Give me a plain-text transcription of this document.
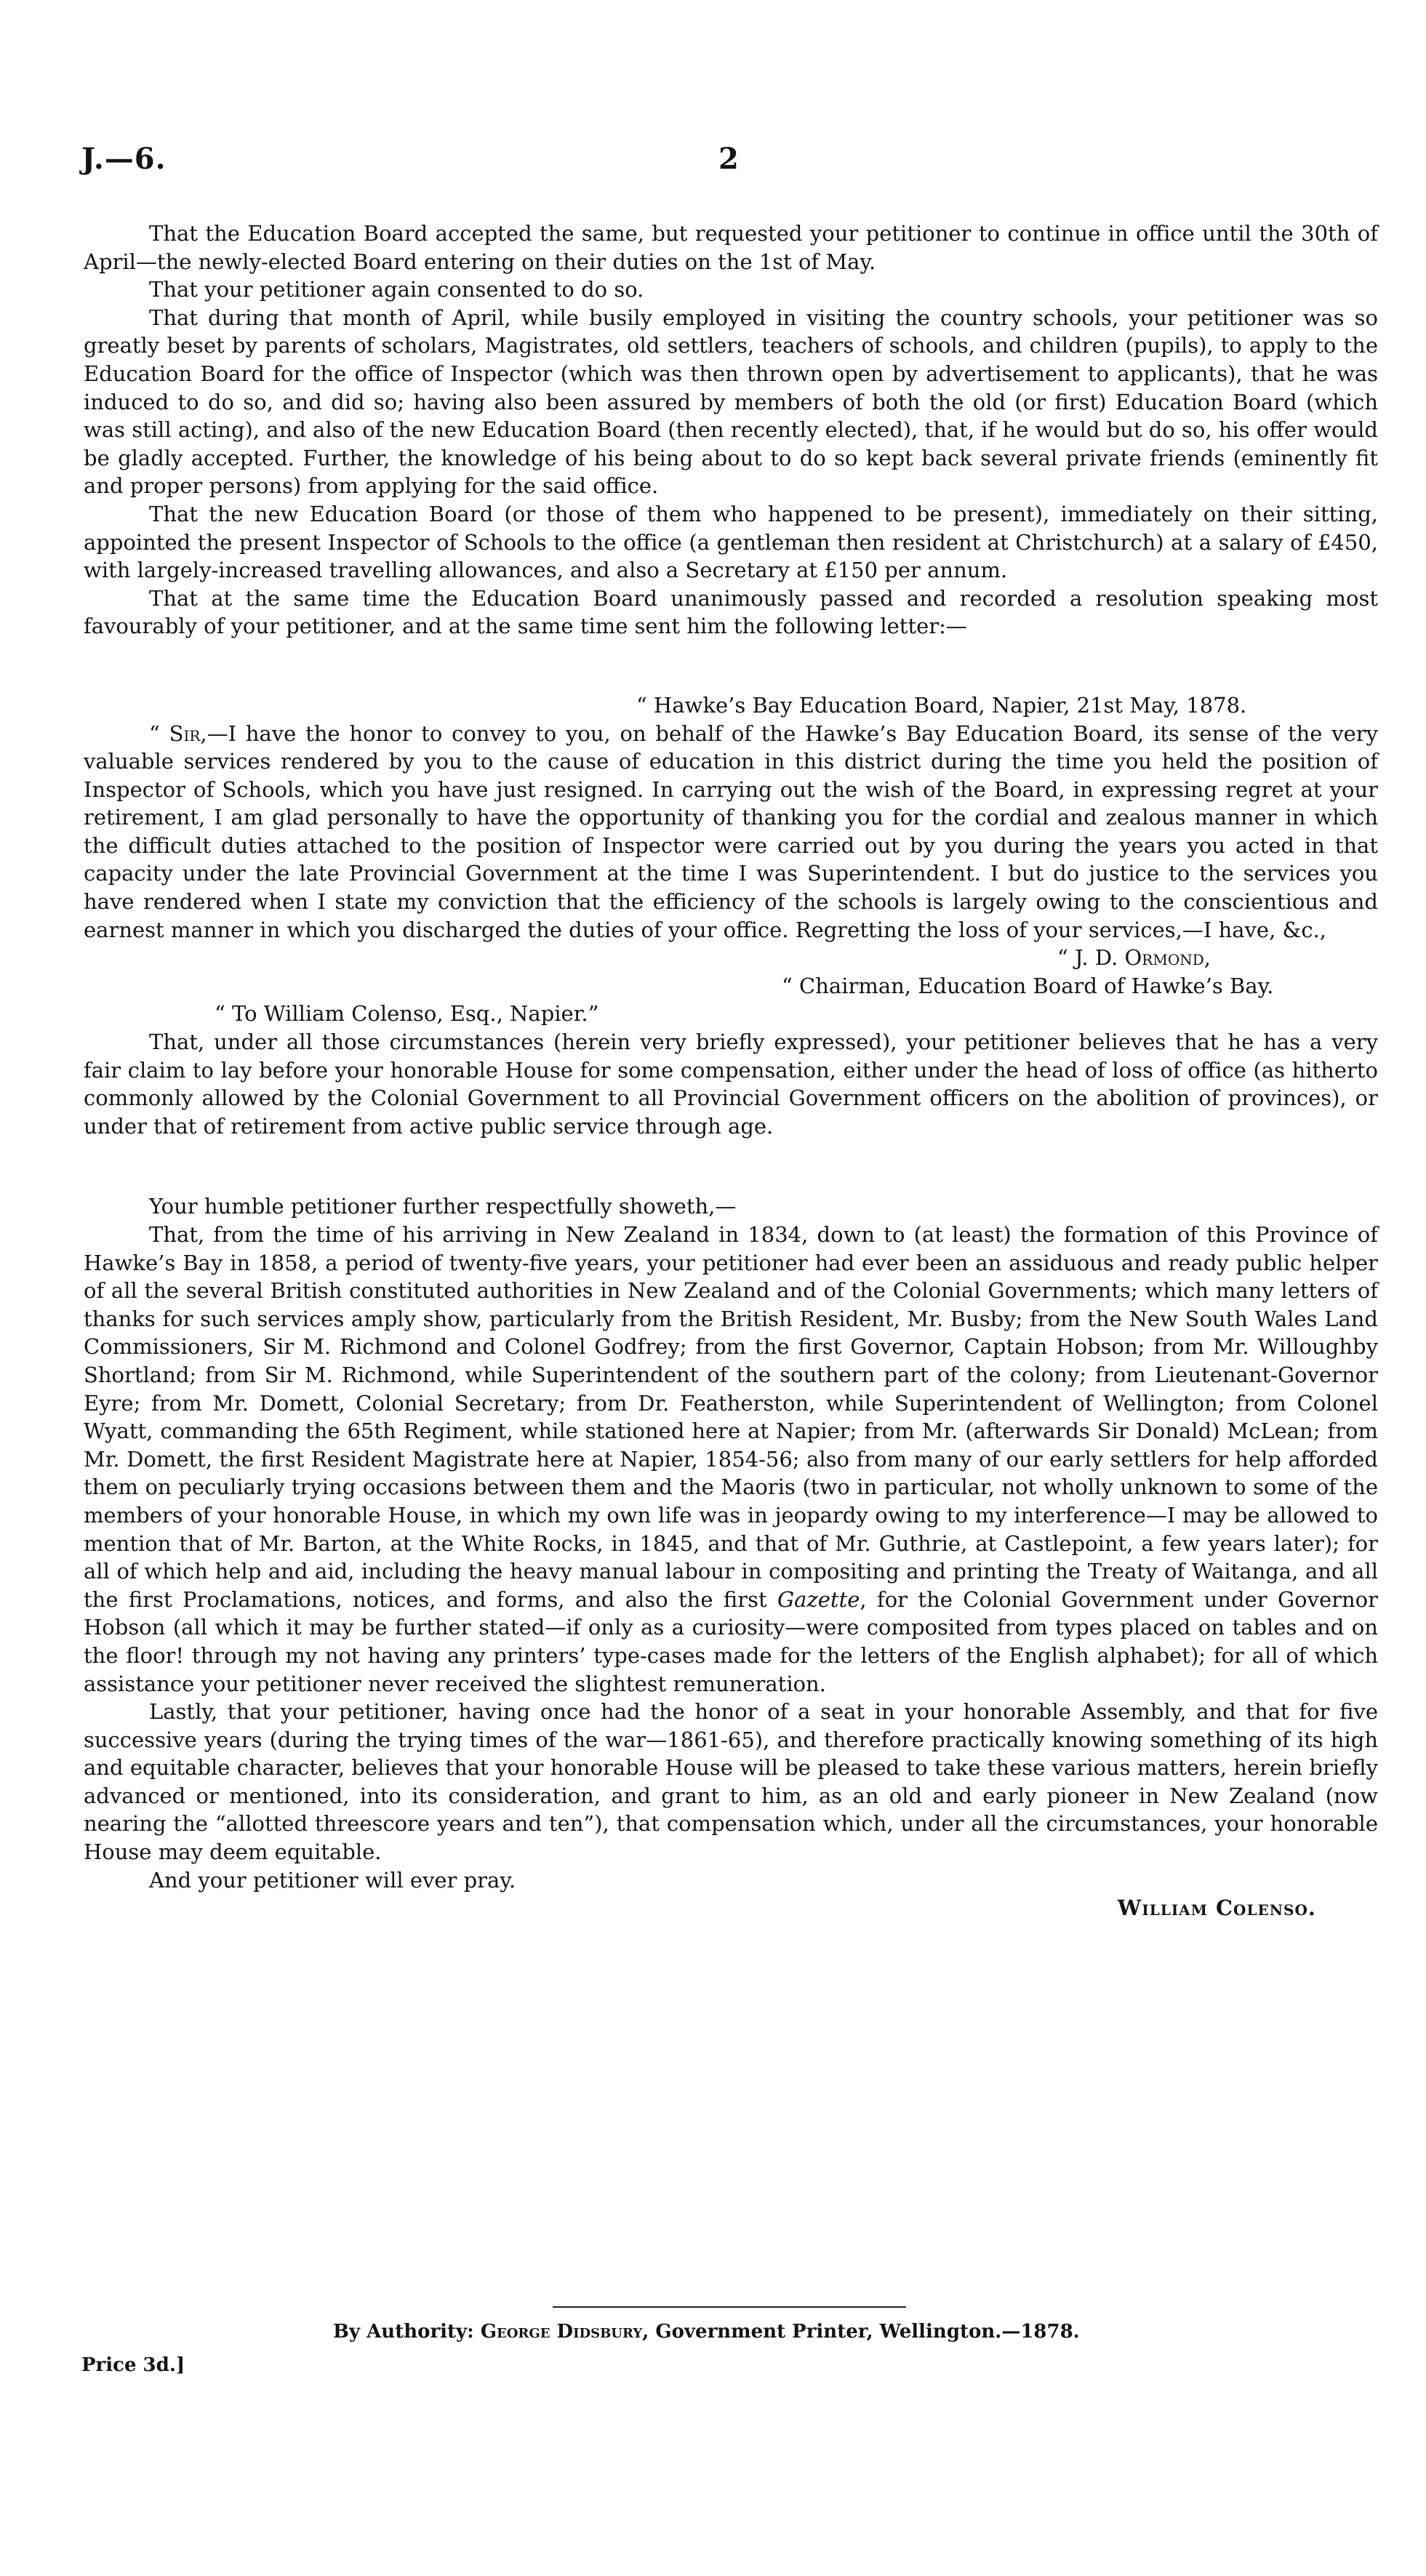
J.—6.	2

That the Education Board accepted the same, but requested your petitioner to continue in office until the 30th of April—the newly-elected Board entering on their duties on the 1st of May.

That your petitioner again consented to do so.

That during that month of April, while busily employed in visiting the country schools, your petitioner was so greatly beset by parents of scholars, Magistrates, old settlers, teachers of schools, and children (pupils), to apply to the Education Board for the office of Inspector (which was then thrown open by advertisement to applicants), that he was induced to do so, and did so; having also been assured by members of both the old (or first) Education Board (which was still acting), and also of the new Education Board (then recently elected), that, if he would but do so, his offer would be gladly accepted. Further, the knowledge of his being about to do so kept back several private friends (eminently fit and proper persons) from applying for the said office.

That the new Education Board (or those of them who happened to be present), immediately on their sitting, appointed the present Inspector of Schools to the office (a gentleman then resident at Christchurch) at a salary of £450, with largely-increased travelling allowances, and also a Secretary at £150 per annum.

That at the same time the Education Board unanimously passed and recorded a resolution speaking most favourably of your petitioner, and at the same time sent him the following letter:—

“ Hawke’s Bay Education Board, Napier, 21st May, 1878.

“ Sir,—I have the honor to convey to you, on behalf of the Hawke’s Bay Education Board, its sense of the very valuable services rendered by you to the cause of education in this district during the time you held the position of Inspector of Schools, which you have just resigned. In carrying out the wish of the Board, in expressing regret at your retirement, I am glad personally to have the opportunity of thanking you for the cordial and zealous manner in which the difficult duties attached to the position of Inspector were carried out by you during the years you acted in that capacity under the late Provincial Government at the time I was Superintendent. I but do justice to the services you have rendered when I state my conviction that the efficiency of the schools is largely owing to the conscientious and earnest manner in which you discharged the duties of your office. Regretting the loss of your services,—I have, &c.,

“ J. D. Ormond,

“ Chairman, Education Board of Hawke’s Bay.

“ To William Colenso, Esq., Napier.”

That, under all those circumstances (herein very briefly expressed), your petitioner believes that he has a very fair claim to lay before your honorable House for some compensation, either under the head of loss of office (as hitherto commonly allowed by the Colonial Government to all Provincial Government officers on the abolition of provinces), or under that of retirement from active public service through age.

Your humble petitioner further respectfully showeth,—

That, from the time of his arriving in New Zealand in 1834, down to (at least) the formation of this Province of Hawke’s Bay in 1858, a period of twenty-five years, your petitioner had ever been an assiduous and ready public helper of all the several British constituted authorities in New Zealand and of the Colonial Governments; which many letters of thanks for such services amply show, particularly from the British Resident, Mr. Busby; from the New South Wales Land Commissioners, Sir M. Richmond and Colonel Godfrey; from the first Governor, Captain Hobson; from Mr. Willoughby Shortland; from Sir M. Richmond, while Superintendent of the southern part of the colony; from Lieutenant-Governor Eyre; from Mr. Domett, Colonial Secretary; from Dr. Featherston, while Superintendent of Wellington; from Colonel Wyatt, commanding the 65th Regiment, while stationed here at Napier; from Mr. (afterwards Sir Donald) McLean; from Mr. Domett, the first Resident Magistrate here at Napier, 1854-56; also from many of our early settlers for help afforded them on peculiarly trying occasions between them and the Maoris (two in particular, not wholly unknown to some of the members of your honorable House, in which my own life was in jeopardy owing to my interference—I may be allowed to mention that of Mr. Barton, at the White Rocks, in 1845, and that of Mr. Guthrie, at Castlepoint, a few years later); for all of which help and aid, including the heavy manual labour in compositing and printing the Treaty of Waitanga, and all the first Proclamations, notices, and forms, and also the first Gazette, for the Colonial Government under Governor Hobson (all which it may be further stated—if only as a curiosity—were composited from types placed on tables and on the floor! through my not having any printers’ type-cases made for the letters of the English alphabet); for all of which assistance your petitioner never received the slightest remuneration.

Lastly, that your petitioner, having once had the honor of a seat in your honorable Assembly, and that for five successive years (during the trying times of the war—1861-65), and therefore practically knowing something of its high and equitable character, believes that your honorable House will be pleased to take these various matters, herein briefly advanced or mentioned, into its consideration, and grant to him, as an old and early pioneer in New Zealand (now nearing the “allotted threescore years and ten”), that compensation which, under all the circumstances, your honorable House may deem equitable.

And your petitioner will ever pray.

William Colenso.

By Authority: George Didsbury, Government Printer, Wellington.—1878.
Price 3d.]
